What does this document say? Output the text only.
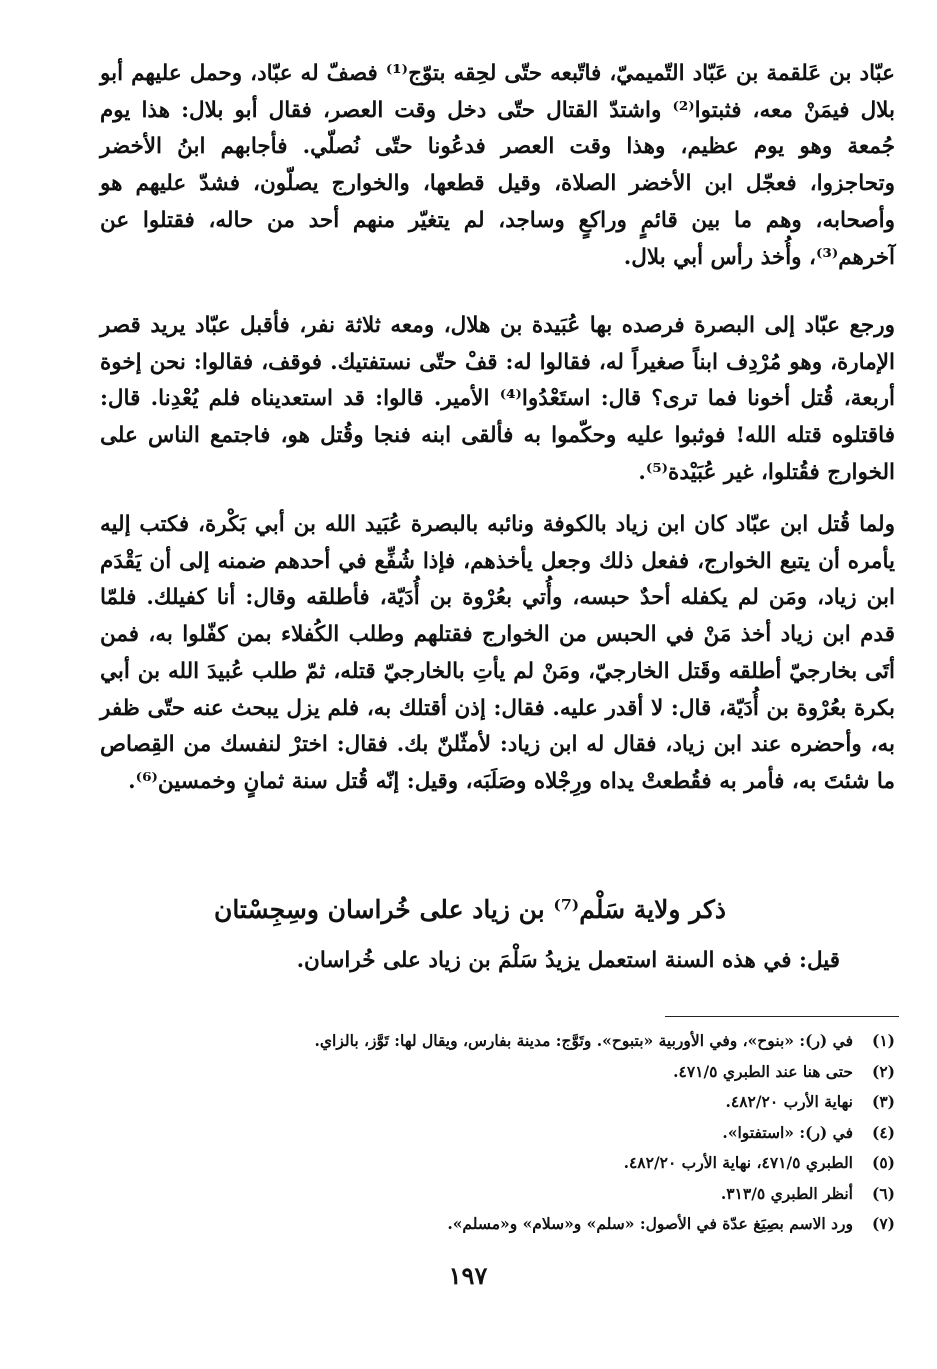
عبّاد بن عَلقمة بن عَبّاد التّميميّ، فاتّبعه حتّى لحِقه بتوّج⁽¹⁾ فصفّ له عبّاد، وحمل عليهم أبو بلال فيمَنْ معه، فثبتوا⁽²⁾ واشتدّ القتال حتّى دخل وقت العصر، فقال أبو بلال: هذا يوم جُمعة وهو يوم عظيم، وهذا وقت العصر فدعُونا حتّى نُصلّي. فأجابهم ابنُ الأخضر وتحاجزوا، فعجّل ابن الأخضر الصلاة، وقيل قطعها، والخوارج يصلّون، فشدّ عليهم هو وأصحابه، وهم ما بين قائمٍ وراكعٍ وساجد، لم يتغيّر منهم أحد من حاله، فقتلوا عن آخرهم⁽³⁾، وأُخذ رأس أبي بلال.

ورجع عبّاد إلى البصرة فرصده بها عُبَيدة بن هلال، ومعه ثلاثة نفر، فأقبل عبّاد يريد قصر الإمارة، وهو مُرْدِف ابناً صغيراً له، فقالوا له: قفْ حتّى نستفتيك. فوقف، فقالوا: نحن إخوة أربعة، قُتل أخونا فما ترى؟ قال: استَعْدُوا⁽⁴⁾ الأمير. قالوا: قد استعديناه فلم يُعْدِنا. قال: فاقتلوه قتله الله! فوثبوا عليه وحكّموا به فألقى ابنه فنجا وقُتل هو، فاجتمع الناس على الخوارج فقُتلوا، غير عُبَيْدة⁽⁵⁾.

ولما قُتل ابن عبّاد كان ابن زياد بالكوفة ونائبه بالبصرة عُبَيد الله بن أبي بَكْرة، فكتب إليه يأمره أن يتبع الخوارج، ففعل ذلك وجعل يأخذهم، فإذا شُفِّع في أحدهم ضمنه إلى أن يَقْدَم ابن زياد، ومَن لم يكفله أحدٌ حبسه، وأُتي بعُرْوة بن أُدَيّة، فأطلقه وقال: أنا كفيلك. فلمّا قدم ابن زياد أخذ مَنْ في الحبس من الخوارج فقتلهم وطلب الكُفلاء بمن كفّلوا به، فمن أتَى بخارجيّ أطلقه وقَتل الخارجيّ، ومَنْ لم يأتِ بالخارجيّ قتله، ثمّ طلب عُبيدَ الله بن أبي بكرة بعُرْوة بن أُدَيّة، قال: لا أقدر عليه. فقال: إذن أقتلك به، فلم يزل يبحث عنه حتّى ظفر به، وأحضره عند ابن زياد، فقال له ابن زياد: لأمثّلنّ بك. فقال: اخترْ لنفسك من القِصاص ما شئتَ به، فأمر به فقُطعتْ يداه ورِجْلاه وصَلَبَه، وقيل: إنّه قُتل سنة ثمانٍ وخمسين⁽⁶⁾.

ذكر ولاية سَلْم⁽⁷⁾ بن زياد على خُراسان وسِجِسْتان

قيل: في هذه السنة استعمل يزيدُ سَلْمَ بن زياد على خُراسان.

(١)
في (ر): «بنوح»، وفي الأوربية «بتبوح». وتَوَّج: مدينة بفارس، ويقال لها: تَوَّز، بالزاي.
(٢)
حتى هنا عند الطبري ٤٧١/٥.
(٣)
نهاية الأرب ٤٨٢/٢٠.
(٤)
في (ر): «استفتوا».
(٥)
الطبري ٤٧١/٥، نهاية الأرب ٤٨٢/٢٠.
(٦)
أنظر الطبري ٣١٣/٥.
(٧)
ورد الاسم بصِيَغ عدّة في الأصول: «سلم» و«سلام» و«مسلم».
١٩٧
